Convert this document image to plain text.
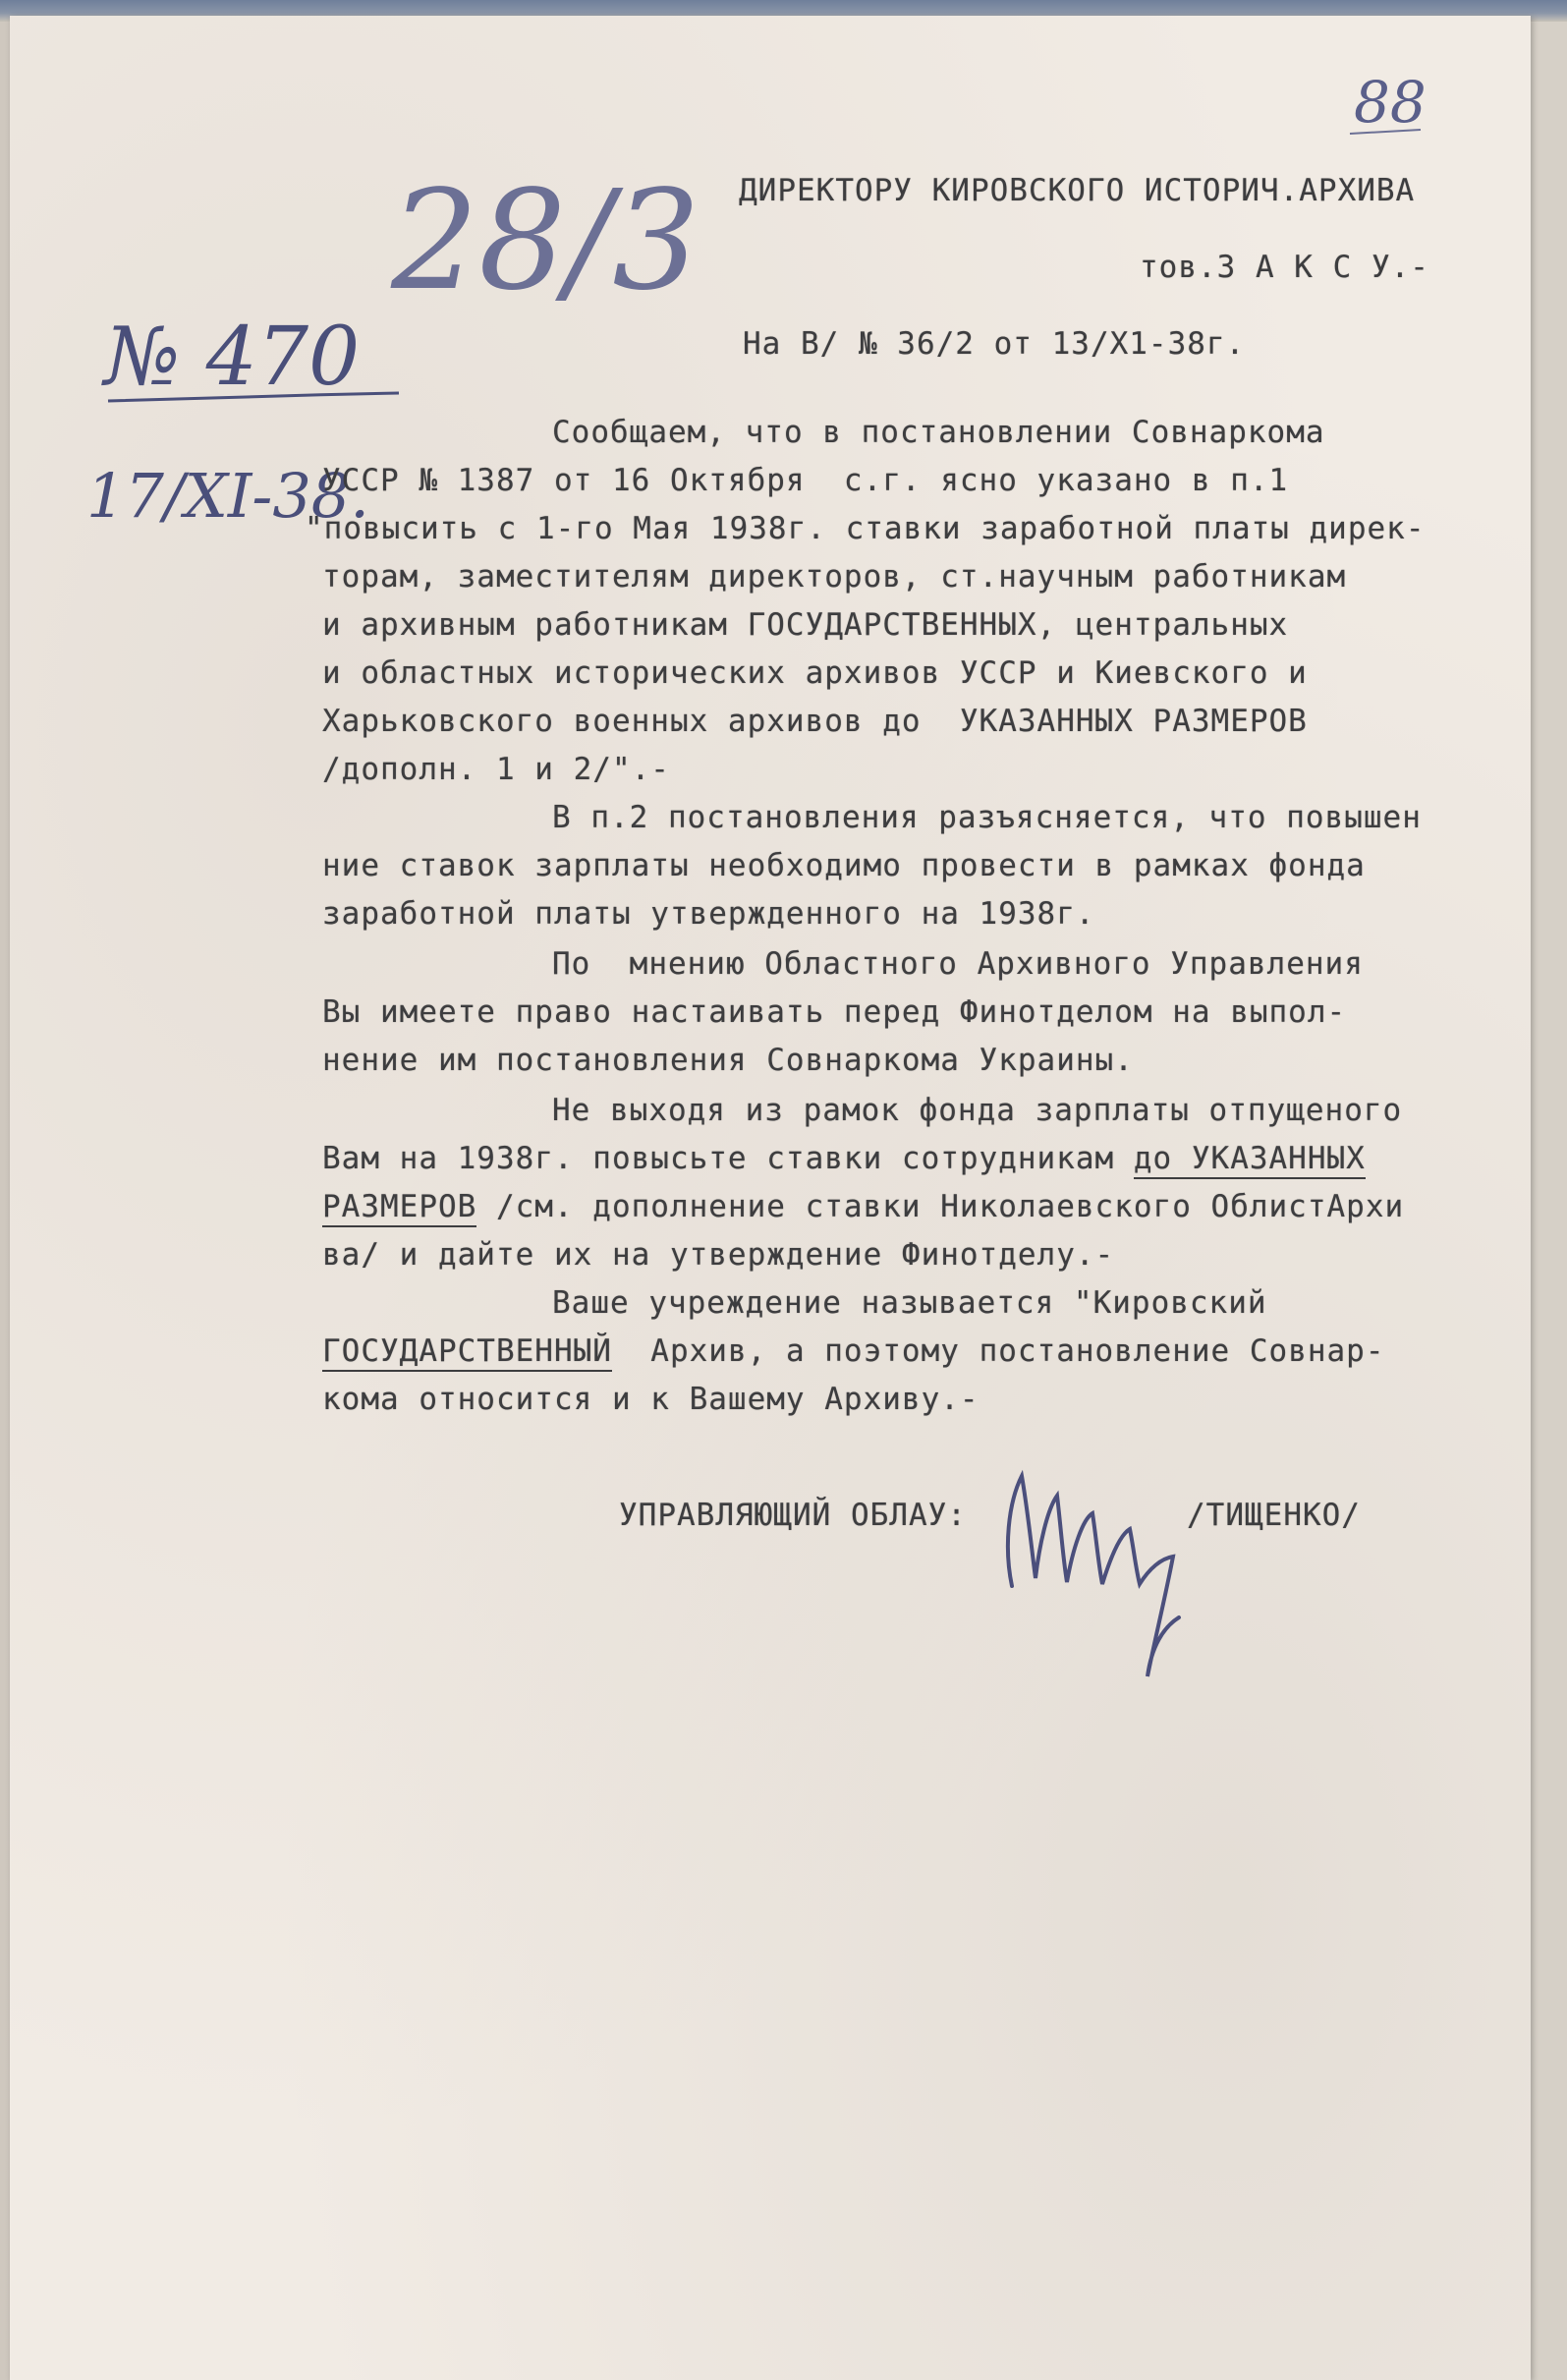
88
28/3
№ 470
17/XI-38.
ДИРЕКТОРУ КИРОВСКОГО ИСТОРИЧ.АРХИВА
тов.З А К С У.-
На В/ № 36/2 от 13/Х1-38г.
Сообщаем, что в постановлении Совнаркома
УССР № 1387 от 16 Октября  с.г. ясно указано в п.1
"повысить с 1-го Мая 1938г. ставки заработной платы дирек-
торам, заместителям директоров, ст.научным работникам
и архивным работникам ГОСУДАРСТВЕННЫХ, центральных
и областных исторических архивов УССР и Киевского и
Харьковского военных архивов до  УКАЗАННЫХ РАЗМЕРОВ
/дополн. 1 и 2/".-
В п.2 постановления разъясняется, что повышен
ние ставок зарплаты необходимо провести в рамках фонда
заработной платы утвержденного на 1938г.
По  мнению Областного Архивного Управления
Вы имеете право настаивать перед Финотделом на выпол-
нение им постановления Совнаркома Украины.
Не выходя из рамок фонда зарплаты отпущеного
Вам на 1938г. повысьте ставки сотрудникам до УКАЗАННЫХ
РАЗМЕРОВ /см. дополнение ставки Николаевского ОблистАрхи
ва/ и дайте их на утверждение Финотделу.-
Ваше учреждение называется "Кировский
ГОСУДАРСТВЕННЫЙ  Архив, а поэтому постановление Совнар-
кома относится и к Вашему Архиву.-
УПРАВЛЯЮЩИЙ ОБЛАУ:	/ТИЩЕНКО/
